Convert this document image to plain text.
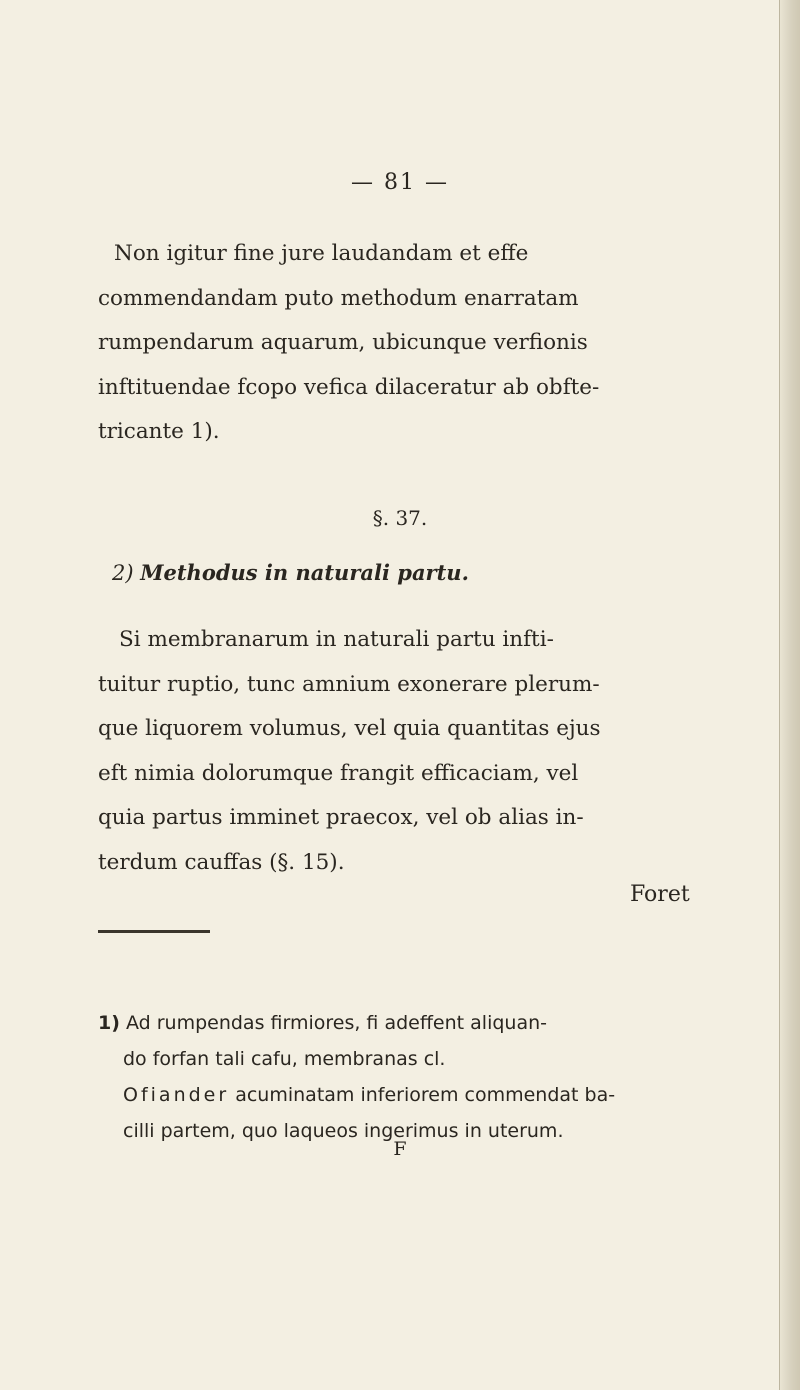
— 81 —
Non igitur fine jure laudandam et effe
commendandam puto methodum enarratam
rumpendarum aquarum, ubicunque verfionis
inftituendae fcopo vefica dilaceratur ab obfte-
tricante 1).
§. 37.
2) Methodus in naturali partu.
Si membranarum in naturali partu infti-
tuitur ruptio, tunc amnium exonerare plerum-
que liquorem volumus, vel quia quantitas ejus
eft nimia dolorumque frangit efficaciam, vel
quia partus imminet praecox, vel ob alias in-
terdum cauffas (§. 15).
Foret
1) Ad rumpendas firmiores, fi adeffent aliquan-
do forfan tali cafu, membranas cl.
Ofiander acuminatam inferiorem commendat ba-
cilli partem, quo laqueos ingerimus in uterum.
F
